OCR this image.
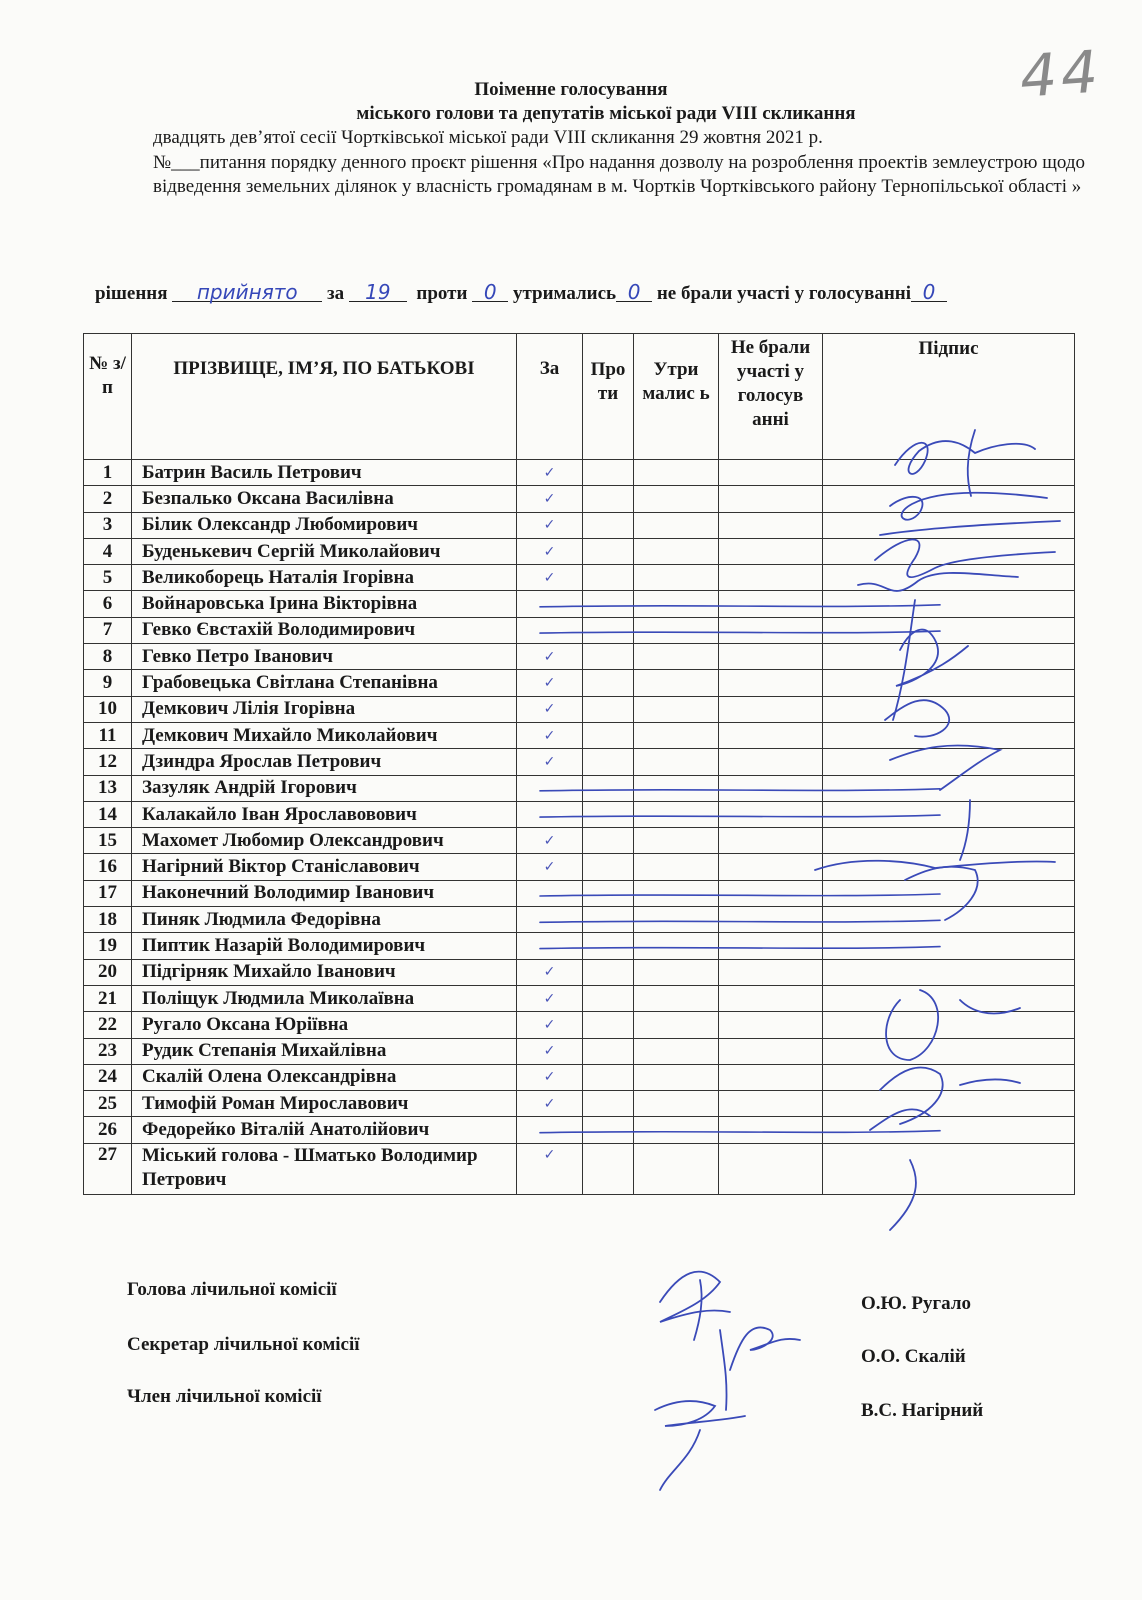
44
Поіменне голосування
міського голови та депутатів міської ради VIII скликання
двадцять дев’ятої сесії Чортківської міської ради VIII скликання 29 жовтня 2021 р.
№___питання порядку денного проєкт рішення «Про надання дозволу на розроблення проектів землеустрою щодо відведення земельних ділянок у власність громадянам в м. Чортків Чортківського району Тернопільської області »
рішення прийнято за 19 проти 0 утримались 0 не брали участі у голосуванні 0
№ з/п	ПРІЗВИЩЕ, ІМ’Я, ПО БАТЬКОВІ	За	Про ти	Утри малис ь	Не брали участі у голосув анні	Підпис

1	Батрин Василь Петрович	✓				
2	Безпалько Оксана Василівна	✓				
3	Білик Олександр Любомирович	✓				
4	Буденькевич Сергій Миколайович	✓				
5	Великоборець Наталія Ігорівна	✓				
6	Войнаровська Ірина Вікторівна					
7	Гевко Євстахій Володимирович					
8	Гевко Петро Іванович	✓				
9	Грабовецька Світлана Степанівна	✓				
10	Демкович Лілія Ігорівна	✓				
11	Демкович Михайло Миколайович	✓				
12	Дзиндра Ярослав Петрович	✓				
13	Зазуляк Андрій Ігорович					
14	Калакайло Іван Ярославовович					
15	Махомет Любомир Олександрович	✓				
16	Нагірний Віктор Станіславович	✓				
17	Наконечний Володимир Іванович					
18	Пиняк Людмила Федорівна					
19	Пиптик Назарій Володимирович					
20	Підгірняк Михайло Іванович	✓				
21	Поліщук Людмила Миколаївна	✓				
22	Ругало Оксана Юріївна	✓				
23	Рудик Степанія Михайлівна	✓				
24	Скалій Олена Олександрівна	✓				
25	Тимофій Роман Мирославович	✓				
26	Федорейко Віталій Анатолійович					
27	Міський голова - Шматько Володимир Петрович	✓				
Голова лічильної комісії
О.Ю. Ругало
Секретар лічильної комісії
О.О. Скалій
Член лічильної комісії
В.С. Нагірний
